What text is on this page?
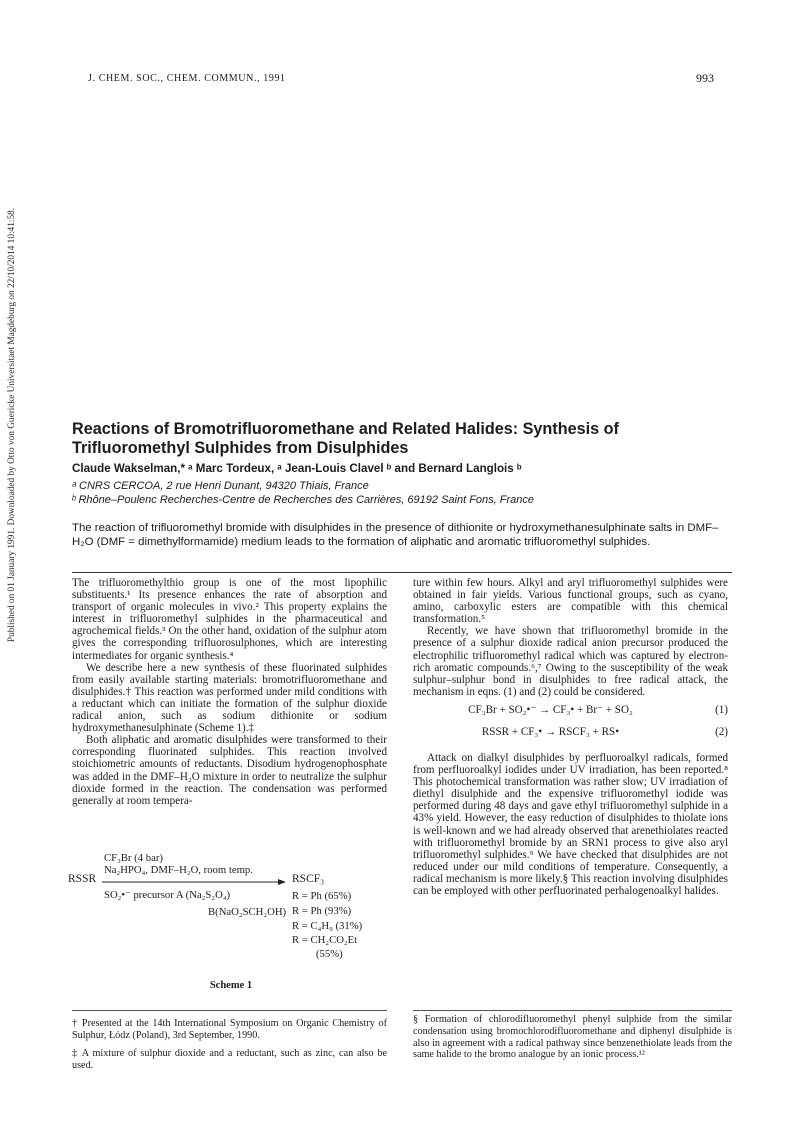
Published on 01 January 1991. Downloaded by Otto von Guericke Universitaet Magdeburg on 22/10/2014 10:41:58.
J. CHEM. SOC., CHEM. COMMUN., 1991	993
Reactions of Bromotrifluoromethane and Related Halides: Synthesis of Trifluoromethyl Sulphides from Disulphides
Claude Wakselman,* ᵃ Marc Tordeux, ᵃ Jean-Louis Clavel ᵇ and Bernard Langlois ᵇ
ᵃ CNRS CERCOA, 2 rue Henri Dunant, 94320 Thiais, France
ᵇ Rhône–Poulenc Recherches-Centre de Recherches des Carrières, 69192 Saint Fons, France
The reaction of trifluoromethyl bromide with disulphides in the presence of dithionite or hydroxymethanesulphinate salts in DMF–H₂O (DMF = dimethylformamide) medium leads to the formation of aliphatic and aromatic trifluoromethyl sulphides.

The trifluoromethylthio group is one of the most lipophilic substituents.¹ Its presence enhances the rate of absorption and transport of organic molecules in vivo.² This property explains the interest in trifluoromethyl sulphides in the pharmaceutical and agrochemical fields.³ On the other hand, oxidation of the sulphur atom gives the corresponding trifluorosulphones, which are interesting intermediates for organic synthesis.⁴

We describe here a new synthesis of these fluorinated sulphides from easily available starting materials: bromotrifluoromethane and disulphides.† This reaction was performed under mild conditions with a reductant which can initiate the formation of the sulphur dioxide radical anion, such as sodium dithionite or sodium hydroxymethanesulphinate (Scheme 1).‡

Both aliphatic and aromatic disulphides were transformed to their corresponding fluorinated sulphides. This reaction involved stoichiometric amounts of reductants. Disodium hydrogenophosphate was added in the DMF–H₂O mixture in order to neutralize the sulphur dioxide formed in the reaction. The condensation was performed generally at room tempera-

CF₃Br (4 bar)
Na₂HPO₄, DMF–H₂O, room temp.
RSSR
SO₂•⁻ precursor A (Na₂S₂O₄)
B(NaO₂SCH₂OH)
RSCF₃
R = Ph (65%)
R = Ph (93%)
R = C₄H₉ (31%)
R = CH₂CO₂Et
(55%)
Scheme 1

ture within few hours. Alkyl and aryl trifluoromethyl sulphides were obtained in fair yields. Various functional groups, such as cyano, amino, carboxylic esters are compatible with this chemical transformation.⁵

Recently, we have shown that trifluoromethyl bromide in the presence of a sulphur dioxide radical anion precursor produced the electrophilic trifluoromethyl radical which was captured by electron-rich aromatic compounds.⁶,⁷ Owing to the susceptibility of the weak sulphur–sulphur bond in disulphides to free radical attack, the mechanism in eqns. (1) and (2) could be considered.

CF₃Br + SO₂•⁻ → CF₃• + Br⁻ + SO₂	(1)
RSSR + CF₃• → RSCF₃ + RS•	(2)

Attack on dialkyl disulphides by perfluoroalkyl radicals, formed from perfluoroalkyl iodides under UV irradiation, has been reported.⁸ This photochemical transformation was rather slow; UV irradiation of diethyl disulphide and the expensive trifluoromethyl iodide was performed during 48 days and gave ethyl trifluoromethyl sulphide in a 43% yield. However, the easy reduction of disulphides to thiolate ions is well-known and we had already observed that arenethiolates reacted with trifluoromethyl bromide by an SRN1 process to give also aryl trifluoromethyl sulphides.⁹ We have checked that disulphides are not reduced under our mild conditions of temperature. Consequently, a radical mechanism is more likely.§ This reaction involving disulphides can be employed with other perfluorinated perhalogenoalkyl halides.

† Presented at the 14th International Symposium on Organic Chemistry of Sulphur, Łódz (Poland), 3rd September, 1990.
‡ A mixture of sulphur dioxide and a reductant, such as zinc, can also be used.
§ Formation of chlorodifluoromethyl phenyl sulphide from the similar condensation using bromochlorodifluoromethane and diphenyl disulphide is also in agreement with a radical pathway since benzenethiolate leads from the same halide to the bromo analogue by an ionic process.¹²
